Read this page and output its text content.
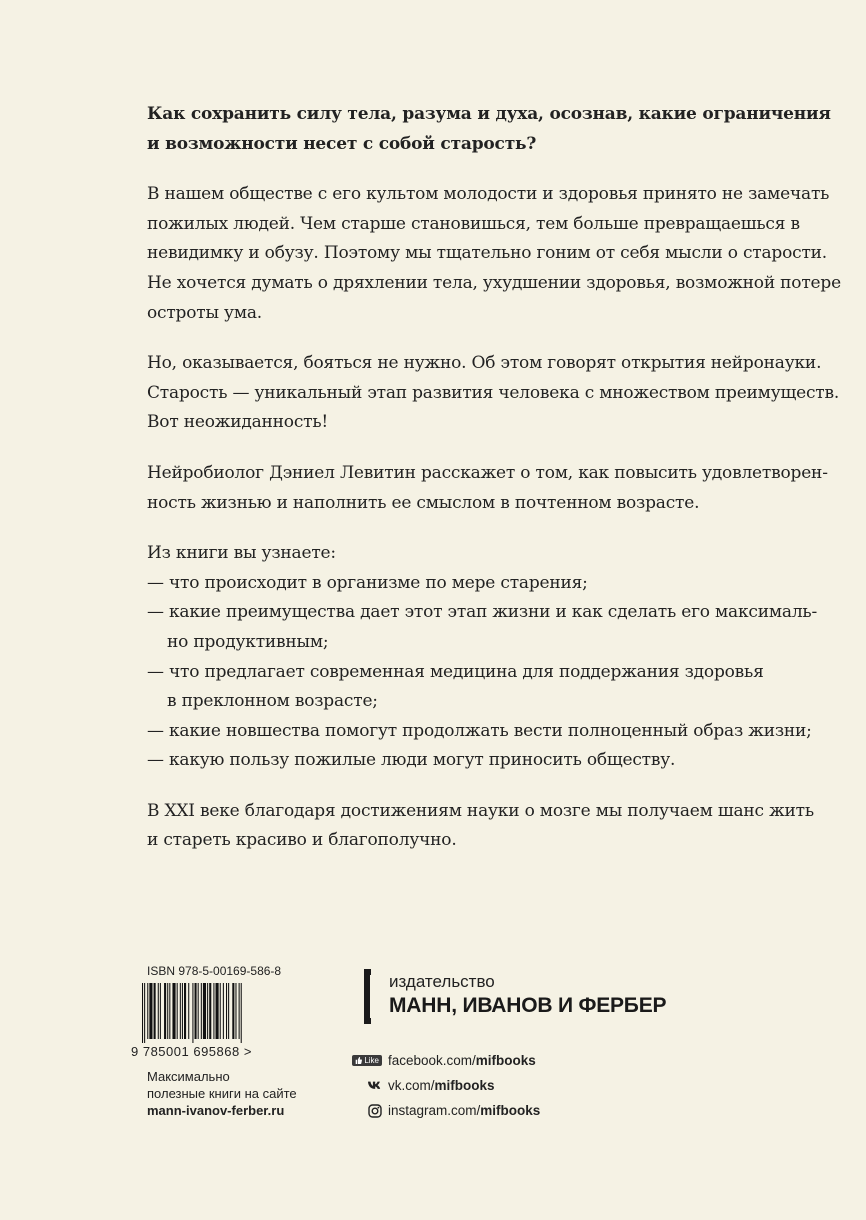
Как сохранить силу тела, разума и духа, осознав, какие ограничения
и возможности несет с собой старость?

В нашем обществе с его культом молодости и здоровья принято не замечать
пожилых людей. Чем старше становишься, тем больше превращаешься в
невидимку и обузу. Поэтому мы тщательно гоним от себя мысли о старости.
Не хочется думать о дряхлении тела, ухудшении здоровья, возможной потере
остроты ума.

Но, оказывается, бояться не нужно. Об этом говорят открытия нейронауки.
Старость — уникальный этап развития человека с множеством преимуществ.
Вот неожиданность!

Нейробиолог Дэниел Левитин расскажет о том, как повысить удовлетворен-
ность жизнью и наполнить ее смыслом в почтенном возрасте.

Из книги вы узнаете:
— что происходит в организме по мере старения;
— какие преимущества дает этот этап жизни и как сделать его максималь-
но продуктивным;
— что предлагает современная медицина для поддержания здоровья
в преклонном возрасте;
— какие новшества помогут продолжать вести полноценный образ жизни;
— какую пользу пожилые люди могут приносить обществу.

В XXI веке благодаря достижениям науки о мозге мы получаем шанс жить
и стареть красиво и благополучно.

ISBN 978-5-00169-586-8
9 785001 695868 >
Максимально
полезные книги на сайте
mann-ivanov-ferber.ru
издательство
МАНН, ИВАНОВ И ФЕРБЕР
Like facebook.com/ mifbooks
vk.com/ mifbooks
instagram.com/ mifbooks
